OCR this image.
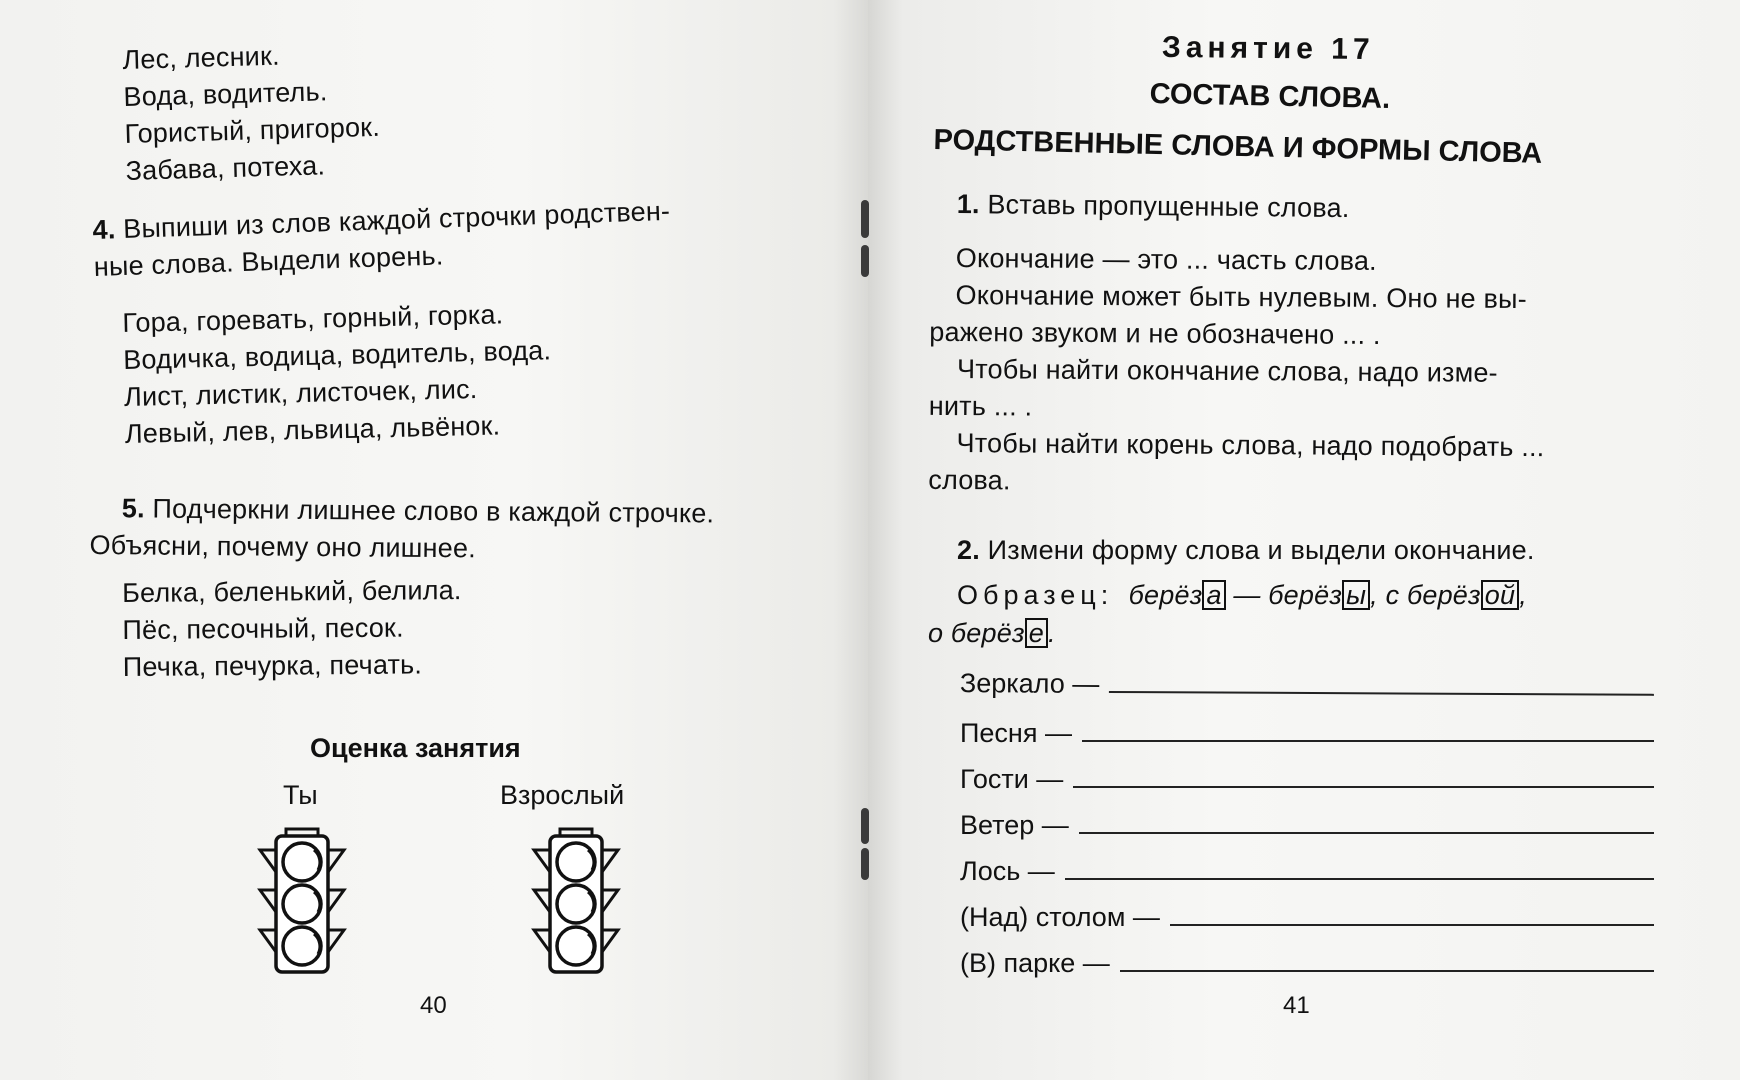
Лес, лесник.
Вода, водитель.
Гористый, пригорок.
Забава, потеха.
4. Выпиши из слов каждой строчки родствен-
ные слова. Выдели корень.
Гора, горевать, горный, горка.
Водичка, водица, водитель, вода.
Лист, листик, листочек, лис.
Левый, лев, львица, львёнок.
5. Подчеркни лишнее слово в каждой строчке.
Объясни, почему оно лишнее.
Белка, беленький, белила.
Пёс, песочный, песок.
Печка, печурка, печать.
Оценка занятия
Ты	Взрослый
40
Занятие 17
СОСТАВ СЛОВА.
РОДСТВЕННЫЕ СЛОВА И ФОРМЫ СЛОВА
1. Вставь пропущенные слова.
Окончание — это ... часть слова.
Окончание может быть нулевым. Оно не вы-
ражено звуком и не обозначено ... .
Чтобы найти окончание слова, надо изме-
нить ... .
Чтобы найти корень слова, надо подобрать ...
слова.
2. Измени форму слова и выдели окончание.
Образец: берёз а — берёз ы , с берёз ой ,
о берёз е .
Зеркало —
Песня —
Гости —
Ветер —
Лось —
(Над) столом —
(В) парке —
41
